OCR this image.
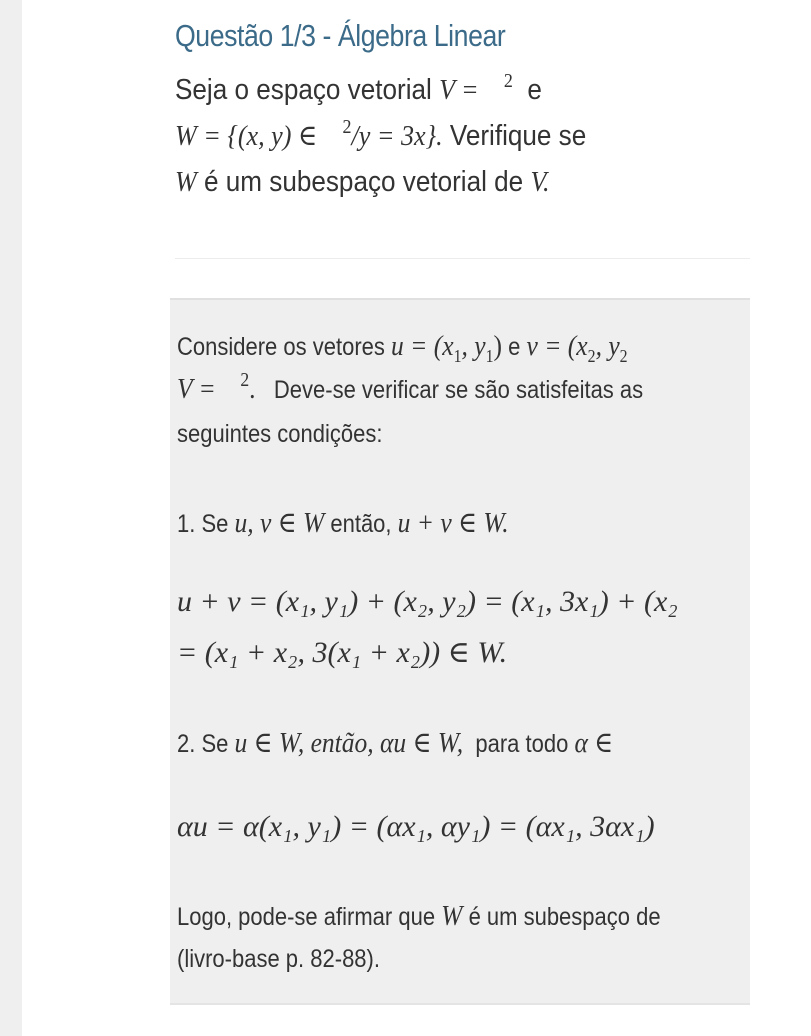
Questão 1/3 - Álgebra Linear
Seja o espaço vetorial V = $^2$ e
W = {(x, y) ∈ $^2$/y = 3x}. Verifique se
W é um subespaço vetorial de V.
Considere os vetores $u = (x_1$, $y_1$) e $v = (x_2$, $y_2$
V = $^2$. Deve-se verificar se são satisfeitas as
seguintes condições:
1. Se u, v ∈ W então, u + v ∈ W.
u + v = (x₁, y₁) + (x₂, y₂) = (x₁, 3x₁) + (x₂
= (x₁ + x₂, 3(x₁ + x₂)) ∈ W.
2. Se u ∈ W, então, αu ∈ W, para todo α ∈
αu = α(x₁, y₁) = (αx₁, αy₁) = (αx₁, 3αx₁)
Logo, pode-se afirmar que W é um subespaço de
(livro-base p. 82-88).
